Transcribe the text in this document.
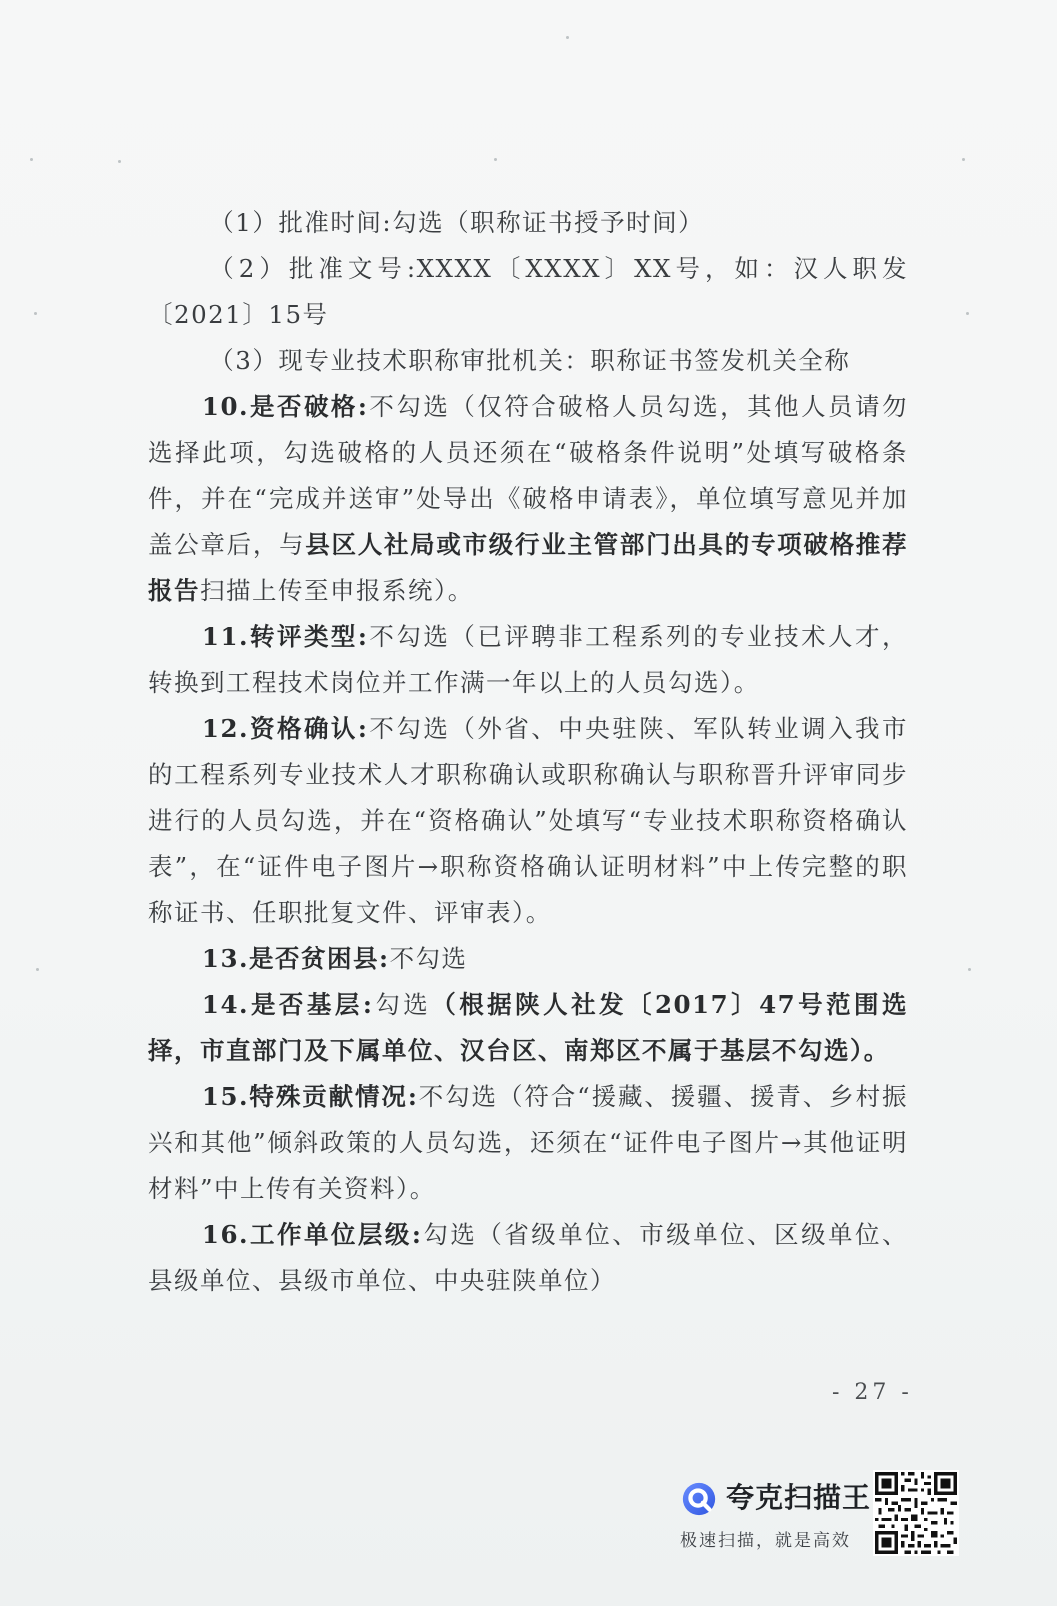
（1）批准时间:勾选（职称证书授予时间）

（2）批准文号:XXXX〔XXXX〕XX号，如：汉人职发〔2021〕15号

（3）现专业技术职称审批机关：职称证书签发机关全称

10.是否破格:不勾选（仅符合破格人员勾选，其他人员请勿选择此项，勾选破格的人员还须在“破格条件说明”处填写破格条件，并在“完成并送审”处导出《破格申请表》，单位填写意见并加盖公章后，与县区人社局或市级行业主管部门出具的专项破格推荐报告扫描上传至申报系统）。

11.转评类型:不勾选（已评聘非工程系列的专业技术人才，转换到工程技术岗位并工作满一年以上的人员勾选）。

12.资格确认:不勾选（外省、中央驻陕、军队转业调入我市的工程系列专业技术人才职称确认或职称确认与职称晋升评审同步进行的人员勾选，并在“资格确认”处填写“专业技术职称资格确认表”，在“证件电子图片→职称资格确认证明材料”中上传完整的职称证书、任职批复文件、评审表）。

13.是否贫困县:不勾选

14.是否基层:勾选（根据陕人社发〔2017〕47号范围选择，市直部门及下属单位、汉台区、南郑区不属于基层不勾选）。

15.特殊贡献情况:不勾选（符合“援藏、援疆、援青、乡村振兴和其他”倾斜政策的人员勾选，还须在“证件电子图片→其他证明材料”中上传有关资料）。

16.工作单位层级:勾选（省级单位、市级单位、区级单位、县级单位、县级市单位、中央驻陕单位）

- 27 -
夸克扫描王
极速扫描，就是高效
